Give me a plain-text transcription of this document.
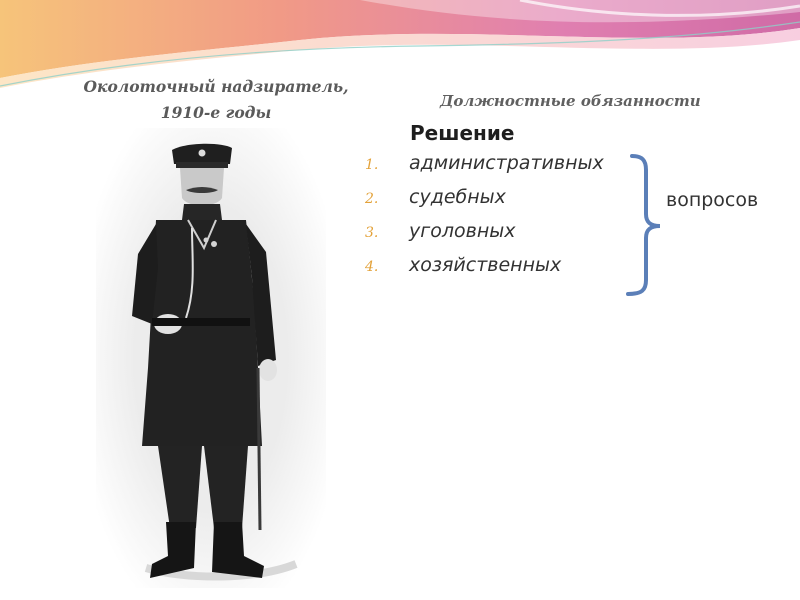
Околоточный надзиратель,
1910-е годы
Должностные обязанности
Решение
1. административных
2. судебных
3. уголовных
4. хозяйственных
вопросов
